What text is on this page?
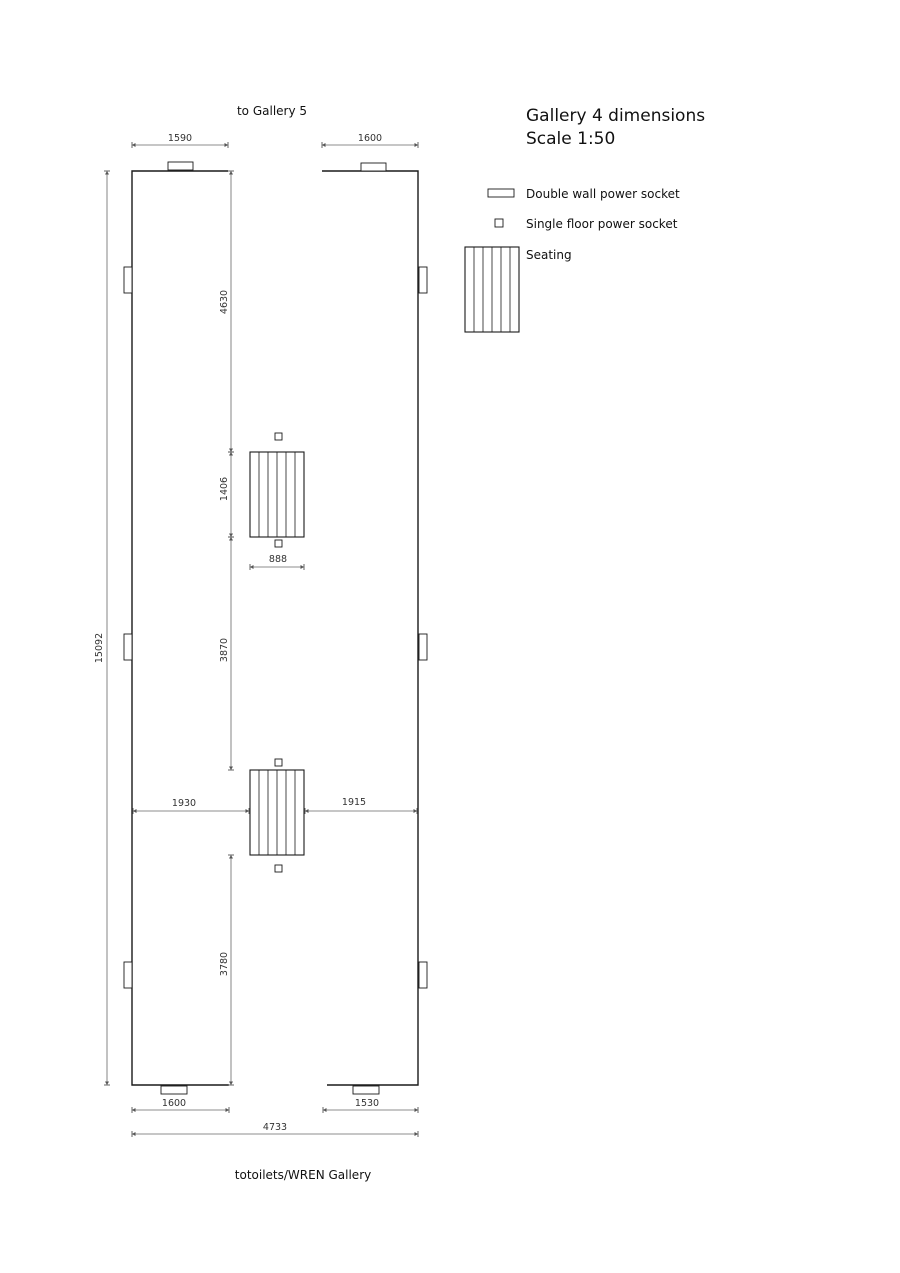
Gallery 4 dimensions
Scale 1:50
Double wall power socket
Single floor power socket
Seating
to Gallery 5
totoilets/WREN Gallery
1590	1600
15092
4630
1406
888
3870
1930	1915
3780
1600	1530
4733
